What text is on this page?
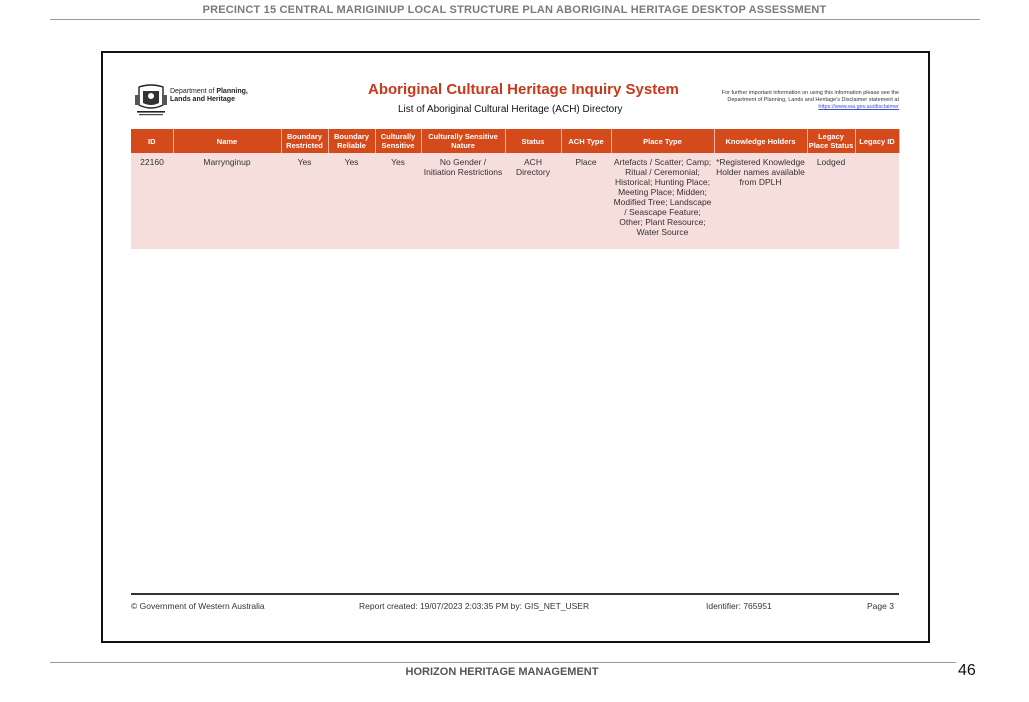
PRECINCT 15 CENTRAL MARIGINIUP LOCAL STRUCTURE PLAN ABORIGINAL HERITAGE DESKTOP ASSESSMENT
Department of Planning,
Lands and Heritage
Aboriginal Cultural Heritage Inquiry System
List of Aboriginal Cultural Heritage (ACH) Directory
For further important information on using this information please see the Department of Planning, Lands and Heritage's Disclaimer statement at
https://www.wa.gov.au/disclaimer
ID	Name	Boundary Restricted	Boundary Reliable	Culturally Sensitive	Culturally Sensitive Nature	Status	ACH Type	Place Type	Knowledge Holders	Legacy Place Status	Legacy ID
22160	Marrynginup	Yes	Yes	Yes	No Gender / Initiation Restrictions	ACH Directory	Place	Artefacts / Scatter; Camp; Ritual / Ceremonial; Historical; Hunting Place; Meeting Place; Midden; Modified Tree; Landscape / Seascape Feature; Other; Plant Resource; Water Source	*Registered Knowledge Holder names available from DPLH	Lodged	
© Government of Western Australia	Report created: 19/07/2023 2:03:35 PM by: GIS_NET_USER	Identifier: 765951	Page 3
HORIZON HERITAGE MANAGEMENT	46
